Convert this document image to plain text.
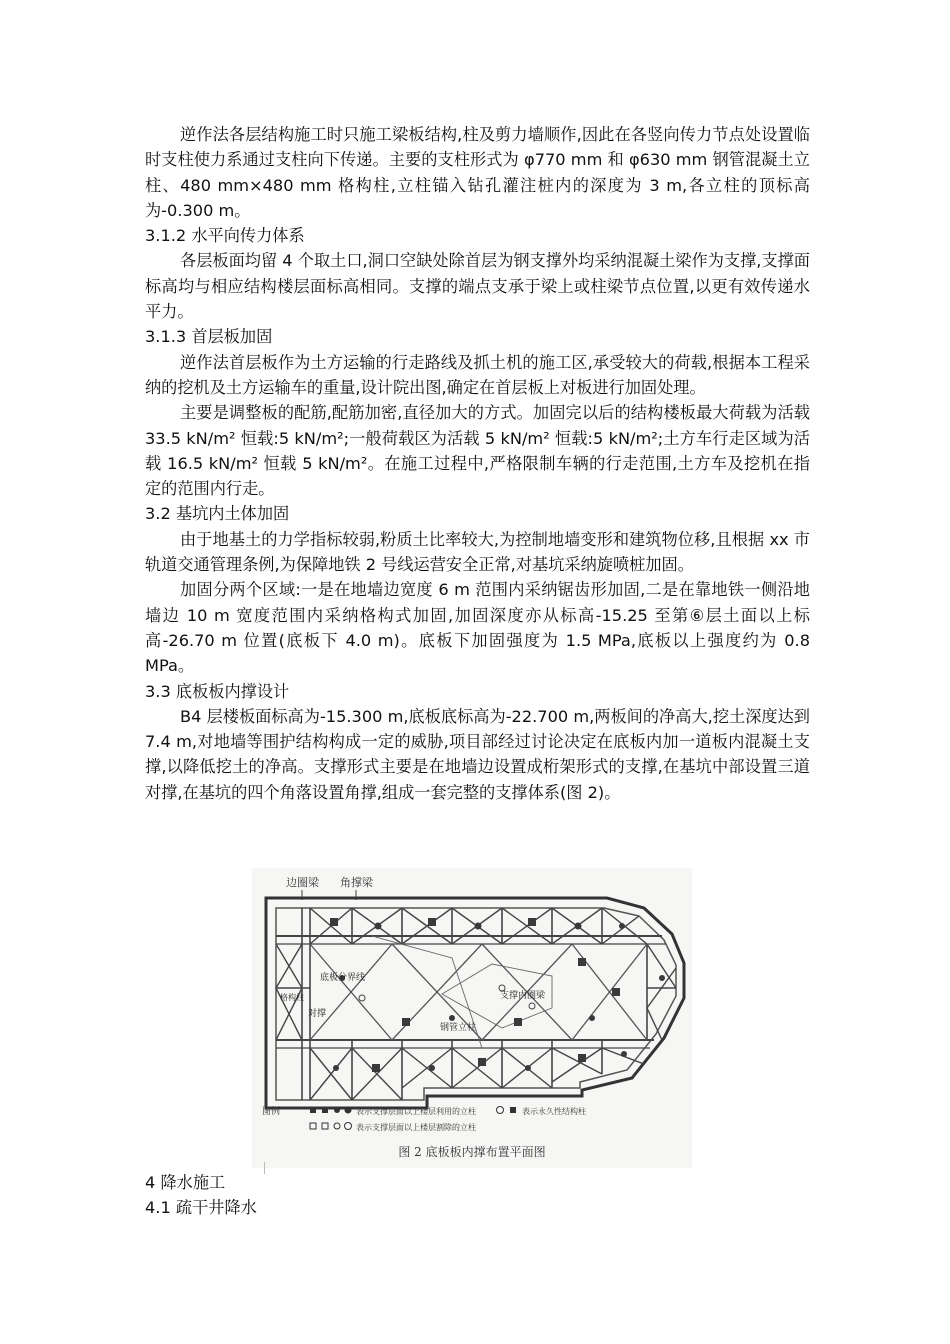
逆作法各层结构施工时只施工梁板结构,柱及剪力墙顺作,因此在各竖向传力节点处设置临时支柱使力系通过支柱向下传递。主要的支柱形式为 φ770 mm 和 φ630 mm 钢管混凝土立柱、480 mm×480 mm 格构柱,立柱锚入钻孔灌注桩内的深度为 3 m,各立柱的顶标高为-0.300 m。

3.1.2 水平向传力体系

各层板面均留 4 个取土口,洞口空缺处除首层为钢支撑外均采纳混凝土梁作为支撑,支撑面标高均与相应结构楼层面标高相同。支撑的端点支承于梁上或柱梁节点位置,以更有效传递水平力。

3.1.3 首层板加固

逆作法首层板作为土方运输的行走路线及抓土机的施工区,承受较大的荷载,根据本工程采纳的挖机及土方运输车的重量,设计院出图,确定在首层板上对板进行加固处理。

主要是调整板的配筋,配筋加密,直径加大的方式。加固完以后的结构楼板最大荷载为活载 33.5 kN/m² 恒载:5 kN/m²;一般荷载区为活载 5 kN/m² 恒载:5 kN/m²;土方车行走区域为活载 16.5 kN/m² 恒载 5 kN/m²。在施工过程中,严格限制车辆的行走范围,土方车及挖机在指定的范围内行走。

3.2 基坑内土体加固

由于地基土的力学指标较弱,粉质土比率较大,为控制地墙变形和建筑物位移,且根据 xx 市轨道交通管理条例,为保障地铁 2 号线运营安全正常,对基坑采纳旋喷桩加固。

加固分两个区域:一是在地墙边宽度 6 m 范围内采纳锯齿形加固,二是在靠地铁一侧沿地墙边 10 m 宽度范围内采纳格构式加固,加固深度亦从标高-15.25 至第⑥层土面以上标高-26.70 m 位置(底板下 4.0 m)。底板下加固强度为 1.5 MPa,底板以上强度约为 0.8 MPa。

3.3 底板板内撑设计

B4 层楼板面标高为-15.300 m,底板底标高为-22.700 m,两板间的净高大,挖土深度达到 7.4 m,对地墙等围护结构构成一定的威胁,项目部经过讨论决定在底板内加一道板内混凝土支撑,以降低挖土的净高。支撑形式主要是在地墙边设置成桁架形式的支撑,在基坑中部设置三道对撑,在基坑的四个角落设置角撑,组成一套完整的支撑体系(图 2)。

边圈梁 角撑梁
底板分界线
支撑内圈梁
钢管立柱
对撑
格构柱
图例	表示支撑层面以上楼层利用的立柱	表示永久性结构柱
表示支撑层面以上楼层割除的立柱
图 2 底板板内撑布置平面图

4 降水施工

4.1 疏干井降水
